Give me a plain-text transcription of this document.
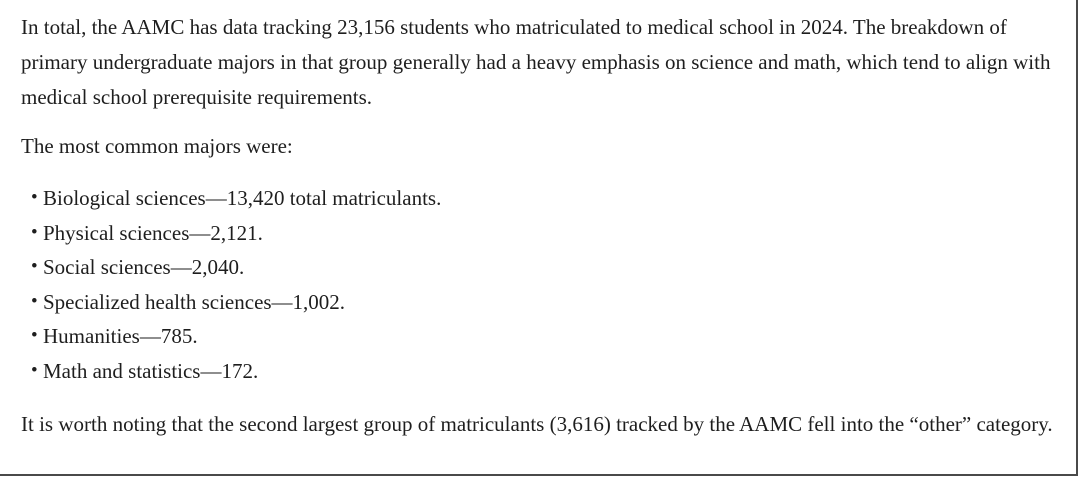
In total, the AAMC has data tracking 23,156 students who matriculated to medical school in 2024. The breakdown of primary undergraduate majors in that group generally had a heavy emphasis on science and math, which tend to align with medical school prerequisite requirements.

The most common majors were:

• Biological sciences—13,420 total matriculants.
• Physical sciences—2,121.
• Social sciences—2,040.
• Specialized health sciences—1,002.
• Humanities—785.
• Math and statistics—172.

It is worth noting that the second largest group of matriculants (3,616) tracked by the AAMC fell into the “other” category.
